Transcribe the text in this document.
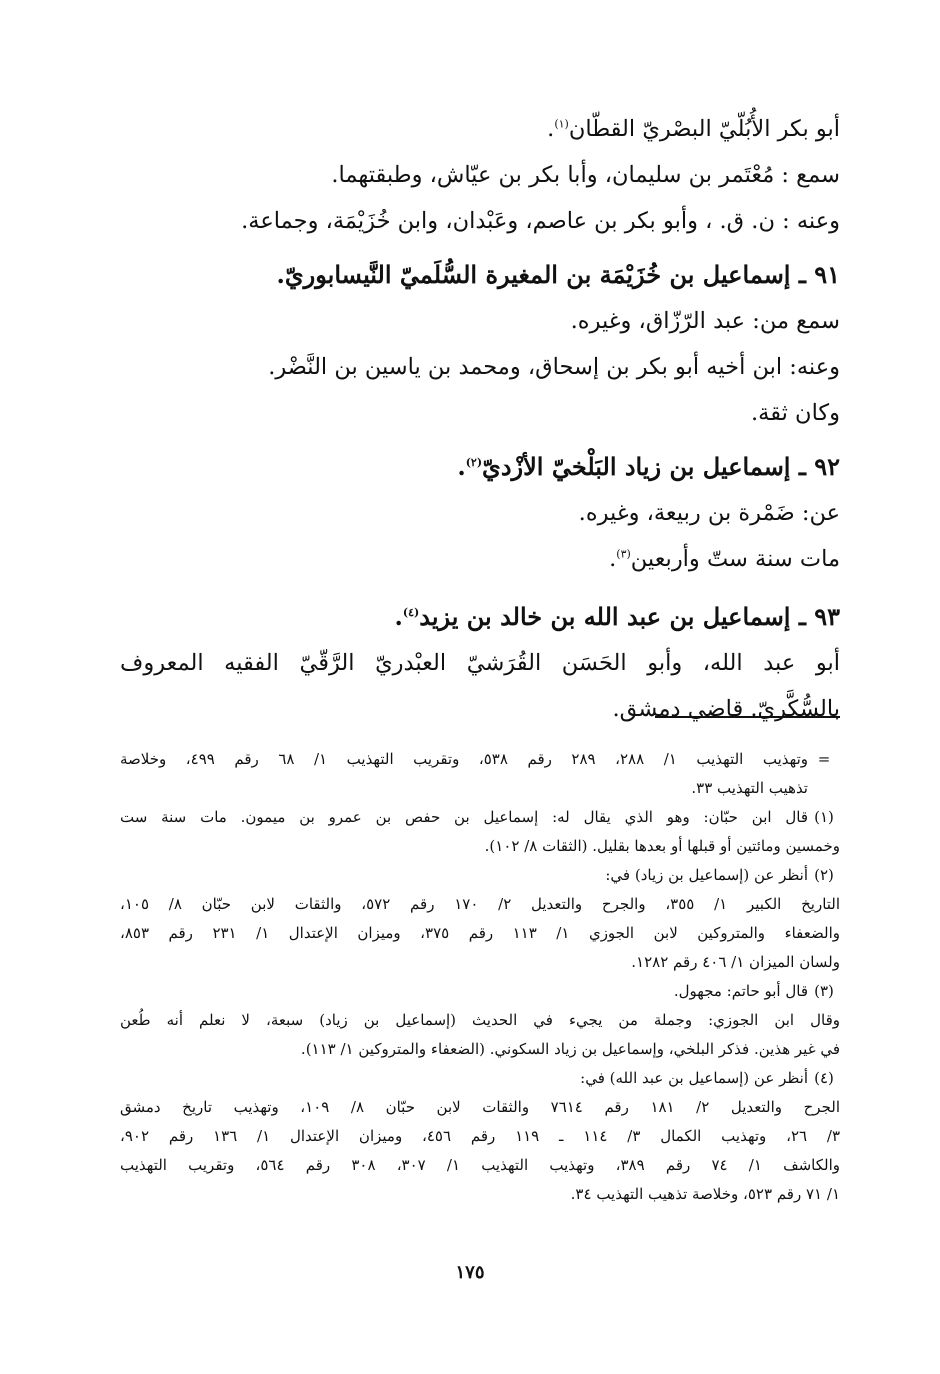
أبو بكر الأُبُلّيّ البصْريّ القطّان$^{(١)}$.
سمع : مُعْتَمر بن سليمان، وأبا بكر بن عيّاش، وطبقتهما.
وعنه : ن. ق. ، وأبو بكر بن عاصم، وعَبْدان، وابن خُزَيْمَة، وجماعة.
٩١ ـ إسماعيل بن خُزَيْمَة بن المغيرة السُّلَميّ النَّيسابوريّ.
سمع من: عبد الرّزّاق، وغيره.
وعنه: ابن أخيه أبو بكر بن إسحاق، ومحمد بن ياسين بن النَّضْر.
وكان ثقة.
٩٢ ـ إسماعيل بن زياد البَلْخيّ الأزْديّ$^{(٢)}$.
عن: ضَمْرة بن ربيعة، وغيره.
مات سنة ستّ وأربعين$^{(٣)}$.
٩٣ ـ إسماعيل بن عبد الله بن خالد بن يزيد$^{(٤)}$.
أبو عبد الله، وأبو الحَسَن القُرَشيّ العبْدريّ الرَّقّيّ الفقيه المعروف
بالسُّكَّريّ. قاضي دمشق.
=
وتهذيب التهذيب ١/ ٢٨٨، ٢٨٩ رقم ٥٣٨، وتقريب التهذيب ١/ ٦٨ رقم ٤٩٩، وخلاصة
تذهيب التهذيب ٣٣.
(١)
قال ابن حبّان: وهو الذي يقال له: إسماعيل بن حفص بن عمرو بن ميمون. مات سنة ست
وخمسين ومائتين أو قبلها أو بعدها بقليل. (الثقات ٨/ ١٠٢).
(٢)
أنظر عن (إسماعيل بن زياد) في:
التاريخ الكبير ١/ ٣٥٥، والجرح والتعديل ٢/ ١٧٠ رقم ٥٧٢، والثقات لابن حبّان ٨/ ١٠٥،
والضعفاء والمتروكين لابن الجوزي ١/ ١١٣ رقم ٣٧٥، وميزان الإعتدال ١/ ٢٣١ رقم ٨٥٣،
ولسان الميزان ١/ ٤٠٦ رقم ١٢٨٢.
(٣)
قال أبو حاتم: مجهول.
وقال ابن الجوزي: وجملة من يجيء في الحديث (إسماعيل بن زياد) سبعة، لا نعلم أنه طُعن
في غير هذين. فذكر البلخي، وإسماعيل بن زياد السكوني. (الضعفاء والمتروكين ١/ ١١٣).
(٤)
أنظر عن (إسماعيل بن عبد الله) في:
الجرح والتعديل ٢/ ١٨١ رقم ٧٦١٤ والثقات لابن حبّان ٨/ ١٠٩، وتهذيب تاريخ دمشق
٣/ ٢٦، وتهذيب الكمال ٣/ ١١٤ ـ ١١٩ رقم ٤٥٦، وميزان الإعتدال ١/ ١٣٦ رقم ٩٠٢،
والكاشف ١/ ٧٤ رقم ٣٨٩، وتهذيب التهذيب ١/ ٣٠٧، ٣٠٨ رقم ٥٦٤، وتقريب التهذيب
١/ ٧١ رقم ٥٢٣، وخلاصة تذهيب التهذيب ٣٤.
١٧٥
